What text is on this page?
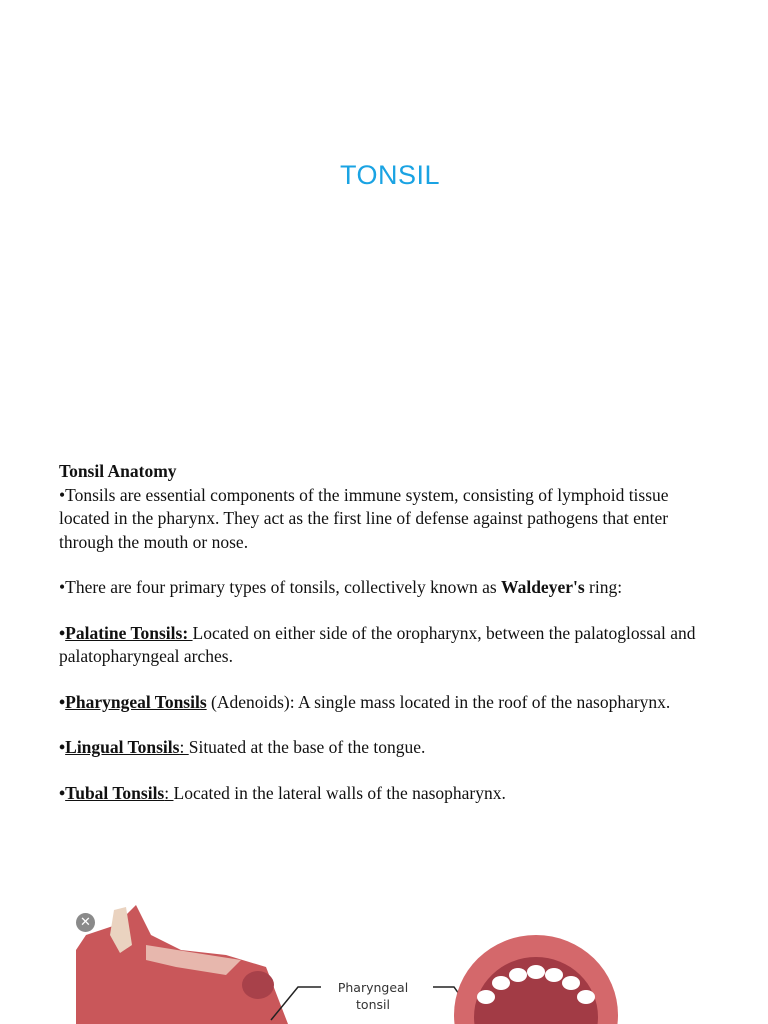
TONSIL

Tonsil Anatomy

•Tonsils are essential components of the immune system, consisting of lymphoid tissue located in the pharynx. They act as the first line of defense against pathogens that enter through the mouth or nose.

•There are four primary types of tonsils, collectively known as Waldeyer's ring:

•Palatine Tonsils: Located on either side of the oropharynx, between the palatoglossal and palatopharyngeal arches.

•Pharyngeal Tonsils (Adenoids): A single mass located in the roof of the nasopharynx.

•Lingual Tonsils: Situated at the base of the tongue.

•Tubal Tonsils: Located in the lateral walls of the nasopharynx.

✕
Pharyngeal tonsil
